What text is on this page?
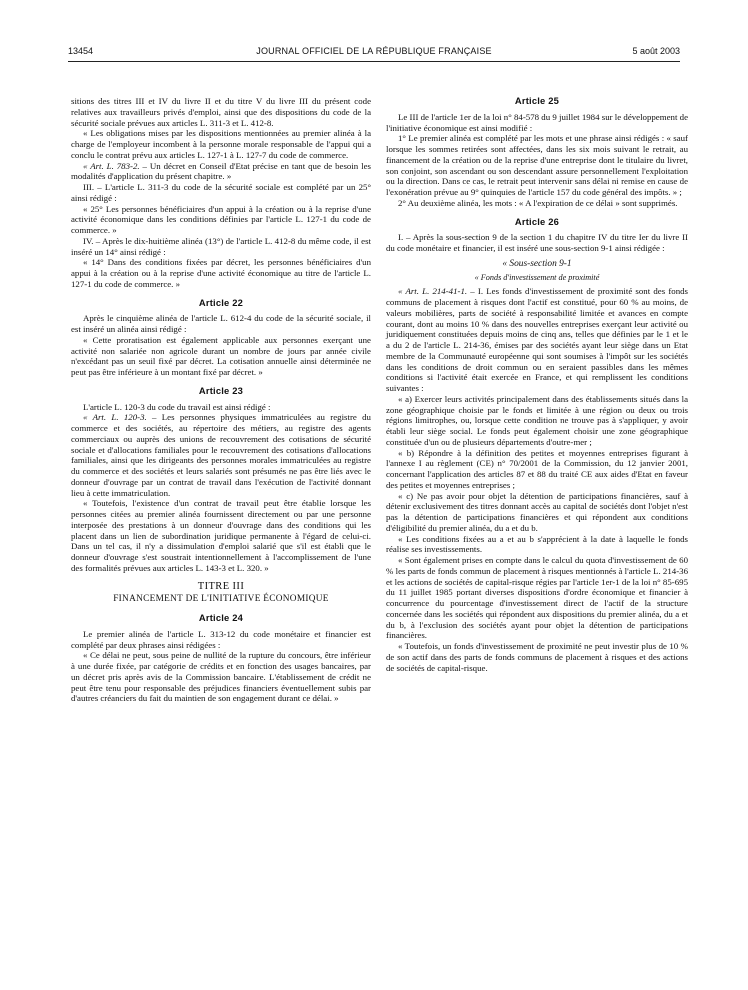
13454	JOURNAL OFFICIEL DE LA RÉPUBLIQUE FRANÇAISE	5 août 2003

sitions des titres III et IV du livre II et du titre V du livre III du présent code relatives aux travailleurs privés d'emploi, ainsi que des dispositions du code de la sécurité sociale prévues aux articles L. 311-3 et L. 412-8.

« Les obligations mises par les dispositions mentionnées au premier alinéa à la charge de l'employeur incombent à la personne morale responsable de l'appui qui a conclu le contrat prévu aux articles L. 127-1 à L. 127-7 du code de commerce.

« Art. L. 783-2. – Un décret en Conseil d'Etat précise en tant que de besoin les modalités d'application du présent chapitre. »

III. – L'article L. 311-3 du code de la sécurité sociale est complété par un 25° ainsi rédigé :

« 25° Les personnes bénéficiaires d'un appui à la création ou à la reprise d'une activité économique dans les conditions définies par l'article L. 127-1 du code de commerce. »

IV. – Après le dix-huitième alinéa (13°) de l'article L. 412-8 du même code, il est inséré un 14° ainsi rédigé :

« 14° Dans des conditions fixées par décret, les personnes bénéficiaires d'un appui à la création ou à la reprise d'une activité économique au titre de l'article L. 127-1 du code de commerce. »

Article 22

Après le cinquième alinéa de l'article L. 612-4 du code de la sécurité sociale, il est inséré un alinéa ainsi rédigé :

« Cette proratisation est également applicable aux personnes exerçant une activité non salariée non agricole durant un nombre de jours par année civile n'excédant pas un seuil fixé par décret. La cotisation annuelle ainsi déterminée ne peut pas être inférieure à un montant fixé par décret. »

Article 23

L'article L. 120-3 du code du travail est ainsi rédigé :

« Art. L. 120-3. – Les personnes physiques immatriculées au registre du commerce et des sociétés, au répertoire des métiers, au registre des agents commerciaux ou auprès des unions de recouvrement des cotisations de sécurité sociale et d'allocations familiales pour le recouvrement des cotisations d'allocations familiales, ainsi que les dirigeants des personnes morales immatriculées au registre du commerce et des sociétés et leurs salariés sont présumés ne pas être liés avec le donneur d'ouvrage par un contrat de travail dans l'exécution de l'activité donnant lieu à cette immatriculation.

« Toutefois, l'existence d'un contrat de travail peut être établie lorsque les personnes citées au premier alinéa fournissent directement ou par une personne interposée des prestations à un donneur d'ouvrage dans des conditions qui les placent dans un lien de subordination juridique permanente à l'égard de celui-ci. Dans un tel cas, il n'y a dissimulation d'emploi salarié que s'il est établi que le donneur d'ouvrage s'est soustrait intentionnellement à l'accomplissement de l'une des formalités prévues aux articles L. 143-3 et L. 320. »

TITRE III
FINANCEMENT DE L'INITIATIVE ÉCONOMIQUE
Article 24

Le premier alinéa de l'article L. 313-12 du code monétaire et financier est complété par deux phrases ainsi rédigées :

« Ce délai ne peut, sous peine de nullité de la rupture du concours, être inférieur à une durée fixée, par catégorie de crédits et en fonction des usages bancaires, par un décret pris après avis de la Commission bancaire. L'établissement de crédit ne peut être tenu pour responsable des préjudices financiers éventuellement subis par d'autres créanciers du fait du maintien de son engagement durant ce délai. »

Article 25

Le III de l'article 1er de la loi n° 84-578 du 9 juillet 1984 sur le développement de l'initiative économique est ainsi modifié :

1° Le premier alinéa est complété par les mots et une phrase ainsi rédigés : « sauf lorsque les sommes retirées sont affectées, dans les six mois suivant le retrait, au financement de la création ou de la reprise d'une entreprise dont le titulaire du livret, son conjoint, son ascendant ou son descendant assure personnellement l'exploitation ou la direction. Dans ce cas, le retrait peut intervenir sans délai ni remise en cause de l'exonération prévue au 9° quinquies de l'article 157 du code général des impôts. » ;

2° Au deuxième alinéa, les mots : « A l'expiration de ce délai » sont supprimés.

Article 26

I. – Après la sous-section 9 de la section 1 du chapitre IV du titre Ier du livre II du code monétaire et financier, il est inséré une sous-section 9-1 ainsi rédigée :

« Sous-section 9-1
« Fonds d'investissement de proximité

« Art. L. 214-41-1. – I. Les fonds d'investissement de proximité sont des fonds communs de placement à risques dont l'actif est constitué, pour 60 % au moins, de valeurs mobilières, parts de société à responsabilité limitée et avances en compte courant, dont au moins 10 % dans des nouvelles entreprises exerçant leur activité ou juridiquement constituées depuis moins de cinq ans, telles que définies par le 1 et le a du 2 de l'article L. 214-36, émises par des sociétés ayant leur siège dans un Etat membre de la Communauté européenne qui sont soumises à l'impôt sur les sociétés dans les conditions de droit commun ou en seraient passibles dans les mêmes conditions si l'activité était exercée en France, et qui remplissent les conditions suivantes :

« a) Exercer leurs activités principalement dans des établissements situés dans la zone géographique choisie par le fonds et limitée à une région ou deux ou trois régions limitrophes, ou, lorsque cette condition ne trouve pas à s'appliquer, y avoir établi leur siège social. Le fonds peut également choisir une zone géographique constituée d'un ou de plusieurs départements d'outre-mer ;

« b) Répondre à la définition des petites et moyennes entreprises figurant à l'annexe I au règlement (CE) n° 70/2001 de la Commission, du 12 janvier 2001, concernant l'application des articles 87 et 88 du traité CE aux aides d'Etat en faveur des petites et moyennes entreprises ;

« c) Ne pas avoir pour objet la détention de participations financières, sauf à détenir exclusivement des titres donnant accès au capital de sociétés dont l'objet n'est pas la détention de participations financières et qui répondent aux conditions d'éligibilité du premier alinéa, du a et du b.

« Les conditions fixées au a et au b s'apprécient à la date à laquelle le fonds réalise ses investissements.

« Sont également prises en compte dans le calcul du quota d'investissement de 60 % les parts de fonds commun de placement à risques mentionnés à l'article L. 214-36 et les actions de sociétés de capital-risque régies par l'article 1er-1 de la loi n° 85-695 du 11 juillet 1985 portant diverses dispositions d'ordre économique et financier à concurrence du pourcentage d'investissement direct de l'actif de la structure concernée dans les sociétés qui répondent aux dispositions du premier alinéa, du a et du b, à l'exclusion des sociétés ayant pour objet la détention de participations financières.

« Toutefois, un fonds d'investissement de proximité ne peut investir plus de 10 % de son actif dans des parts de fonds communs de placement à risques et des actions de sociétés de capital-risque.
